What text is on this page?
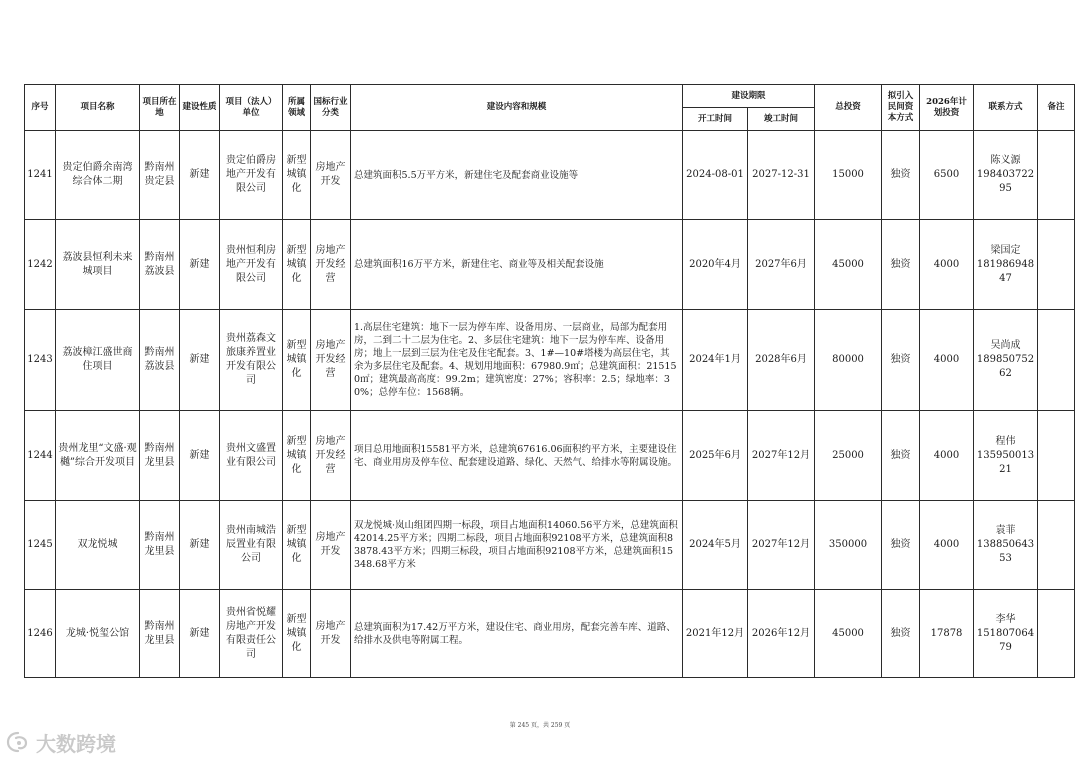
序号	项目名称	项目所在地	建设性质	项目（法人）单位	所属领域	国标行业分类	建设内容和规模	建设期限		总投资	拟引入民间资本方式	2026年计划投资	联系方式	备注
								开工时间	竣工时间					
1241	贵定伯爵余南湾综合体二期	黔南州贵定县	新建	贵定伯爵房地产开发有限公司	新型城镇化	房地产开发	总建筑面积5.5万平方米，新建住宅及配套商业设施等	2024-08-01	2027-12-31	15000	独资	6500	陈义源
19840372295	
1242	荔波县恒利未来城项目	黔南州荔波县	新建	贵州恒利房地产开发有限公司	新型城镇化	房地产开发经营	总建筑面积16万平方米，新建住宅、商业等及相关配套设施	2020年4月	2027年6月	45000	独资	4000	梁国定
18198694847	
1243	荔波樟江盛世商住项目	黔南州荔波县	新建	贵州荔森文旅康养置业开发有限公司	新型城镇化	房地产开发经营	1.高层住宅建筑：地下一层为停车库、设备用房、一层商业，局部为配套用房，二到二十二层为住宅。2、多层住宅建筑：地下一层为停车库、设备用房；地上一层到三层为住宅及住宅配套。3、1#—10#塔楼为高层住宅，其余为多层住宅及配套。4、规划用地面积：67980.9㎡；总建筑面积：215150㎡；建筑最高高度：99.2m；建筑密度：27%；容积率：2.5；绿地率：30%；总停车位：1568辆。	2024年1月	2028年6月	80000	独资	4000	吴尚成
18985075262	
1244	贵州龙里“文盛·观樾”综合开发项目	黔南州龙里县	新建	贵州文盛置业有限公司	新型城镇化	房地产开发经营	项目总用地面积15581平方米，总建筑67616.06面积约平方米，主要建设住宅、商业用房及停车位、配套建设道路、绿化、天然气、给排水等附属设施。	2025年6月	2027年12月	25000	独资	4000	程伟
13595001321	
1245	双龙悦城	黔南州龙里县	新建	贵州南城浩辰置业有限公司	新型城镇化	房地产开发	双龙悦城·岚山组团四期一标段，项目占地面积14060.56平方米，总建筑面积42014.25平方米；四期二标段，项目占地面积92108平方米，总建筑面积83878.43平方米；四期三标段，项目占地面积92108平方米，总建筑面积15348.68平方米	2024年5月	2027年12月	350000	独资	4000	袁菲
13885064353	
1246	龙城·悦玺公馆	黔南州龙里县	新建	贵州省悦耀房地产开发有限责任公司	新型城镇化	房地产开发	总建筑面积为17.42万平方米，建设住宅、商业用房，配套完善车库、道路、给排水及供电等附属工程。	2021年12月	2026年12月	45000	独资	17878	李华
15180706479	
第 245 页，共 259 页
大数跨境
